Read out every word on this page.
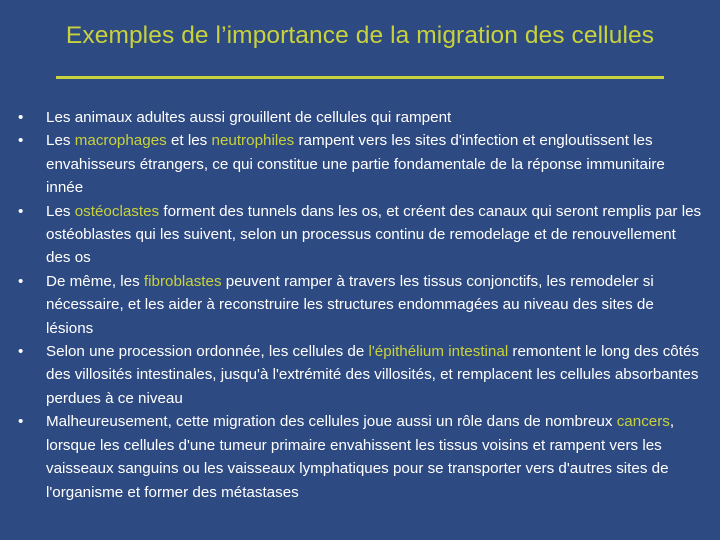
Exemples de l’importance de la migration des cellules
•	Les animaux adultes aussi grouillent de cellules qui rampent
•	Les macrophages et les neutrophiles rampent vers les sites d'infection et engloutissent les envahisseurs étrangers, ce qui constitue une partie fondamentale de la réponse immunitaire innée
•	Les ostéoclastes forment des tunnels dans les os, et créent des canaux qui seront remplis par les ostéoblastes qui les suivent, selon un processus continu de remodelage et de renouvellement des os
•	De même, les fibroblastes peuvent ramper à travers les tissus conjonctifs, les remodeler si nécessaire, et les aider à reconstruire les structures endommagées au niveau des sites de lésions
•	Selon une procession ordonnée, les cellules de l'épithélium intestinal remontent le long des côtés des villosités intestinales, jusqu'à l'extrémité des villosités, et remplacent les cellules absorbantes perdues à ce niveau
•	Malheureusement, cette migration des cellules joue aussi un rôle dans de nombreux cancers, lorsque les cellules d'une tumeur primaire envahissent les tissus voisins et rampent vers les vaisseaux sanguins ou les vaisseaux lymphatiques pour se transporter vers d'autres sites de l'organisme et former des métastases
